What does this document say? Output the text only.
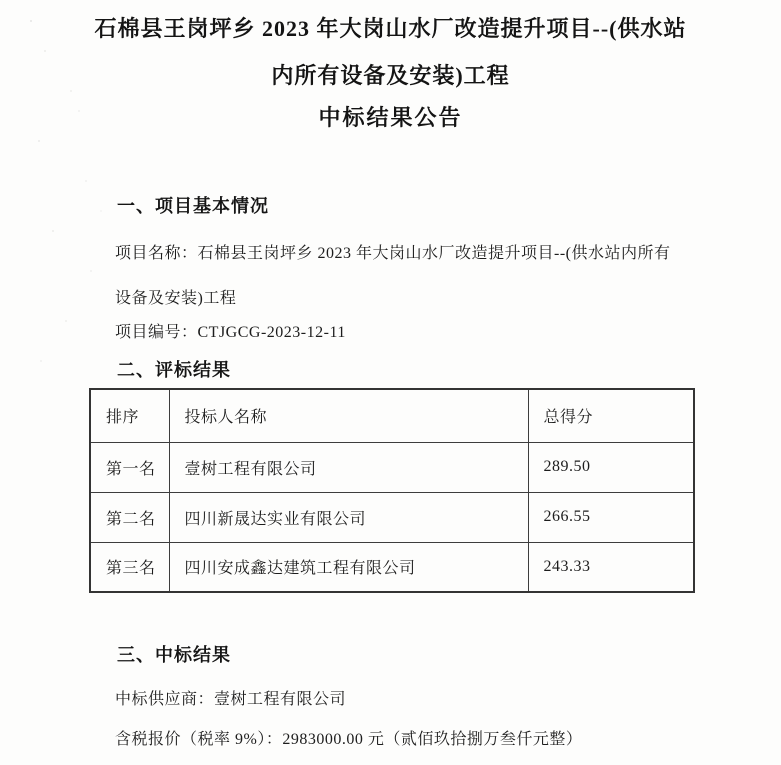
石棉县王岗坪乡 2023 年大岗山水厂改造提升项目--(供水站
内所有设备及安装)工程
中标结果公告
一、项目基本情况
项目名称：石棉县王岗坪乡 2023 年大岗山水厂改造提升项目--(供水站内所有
设备及安装)工程
项目编号：CTJGCG-2023-12-11
二、评标结果
排序	投标人名称	总得分
第一名	壹树工程有限公司	289.50
第二名	四川新晟达实业有限公司	266.55
第三名	四川安成鑫达建筑工程有限公司	243.33
三、中标结果
中标供应商：壹树工程有限公司
含税报价（税率 9%）：2983000.00 元（贰佰玖拾捌万叁仟元整）
